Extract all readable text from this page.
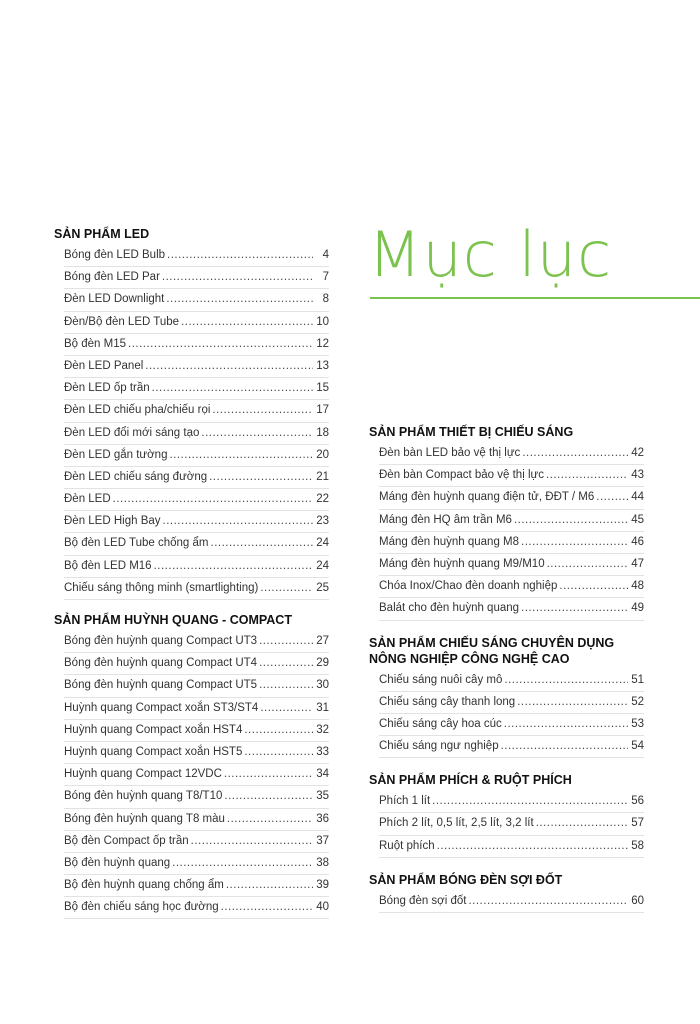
Mục lục
SẢN PHẨM LED
Bóng đèn LED Bulb .....	4
Bóng đèn LED Par .....	7
Đèn LED Downlight .....	8
Đèn/Bộ đèn LED Tube .....	10
Bộ đèn M15 .....	12
Đèn LED Panel .....	13
Đèn LED ốp trần .....	15
Đèn LED chiếu pha/chiếu rọi .....	17
Đèn LED đổi mới sáng tạo .....	18
Đèn LED gắn tường .....	20
Đèn LED chiếu sáng đường .....	21
Đèn LED .....	22
Đèn LED High Bay .....	23
Bộ đèn LED Tube chống ẩm .....	24
Bộ đèn LED M16 .....	24
Chiếu sáng thông minh (smartlighting) .....	25
SẢN PHẨM HUỲNH QUANG - COMPACT
Bóng đèn huỳnh quang Compact UT3 .....	27
Bóng đèn huỳnh quang Compact UT4 .....	29
Bóng đèn huỳnh quang Compact UT5 .....	30
Huỳnh quang Compact xoắn ST3/ST4 .....	31
Huỳnh quang Compact xoắn HST4 .....	32
Huỳnh quang Compact xoắn HST5 .....	33
Huỳnh quang Compact 12VDC .....	34
Bóng đèn huỳnh quang T8/T10 .....	35
Bóng đèn huỳnh quang T8 màu .....	36
Bộ đèn Compact ốp trần .....	37
Bộ đèn huỳnh quang .....	38
Bộ đèn huỳnh quang chống ẩm .....	39
Bộ đèn chiếu sáng học đường .....	40
SẢN PHẨM THIẾT BỊ CHIẾU SÁNG
Đèn bàn LED bảo vệ thị lực .....	42
Đèn bàn Compact bảo vệ thị lực .....	43
Máng đèn huỳnh quang điện tử, ĐĐT / M6 .....	44
Máng đèn HQ âm trần M6 .....	45
Máng đèn huỳnh quang M8 .....	46
Máng đèn huỳnh quang M9/M10 .....	47
Chóa Inox/Chao đèn doanh nghiệp .....	48
Balát cho đèn huỳnh quang .....	49
SẢN PHẨM CHIẾU SÁNG CHUYÊN DỤNG NÔNG NGHIỆP CÔNG NGHỆ CAO
Chiếu sáng nuôi cây mô .....	51
Chiếu sáng cây thanh long .....	52
Chiếu sáng cây hoa cúc .....	53
Chiếu sáng ngư nghiệp .....	54
SẢN PHẨM PHÍCH & RUỘT PHÍCH
Phích 1 lít .....	56
Phích 2 lít, 0,5 lít, 2,5 lít, 3,2 lít .....	57
Ruột phích .....	58
SẢN PHẨM BÓNG ĐÈN SỢI ĐỐT
Bóng đèn sợi đốt .....	60
